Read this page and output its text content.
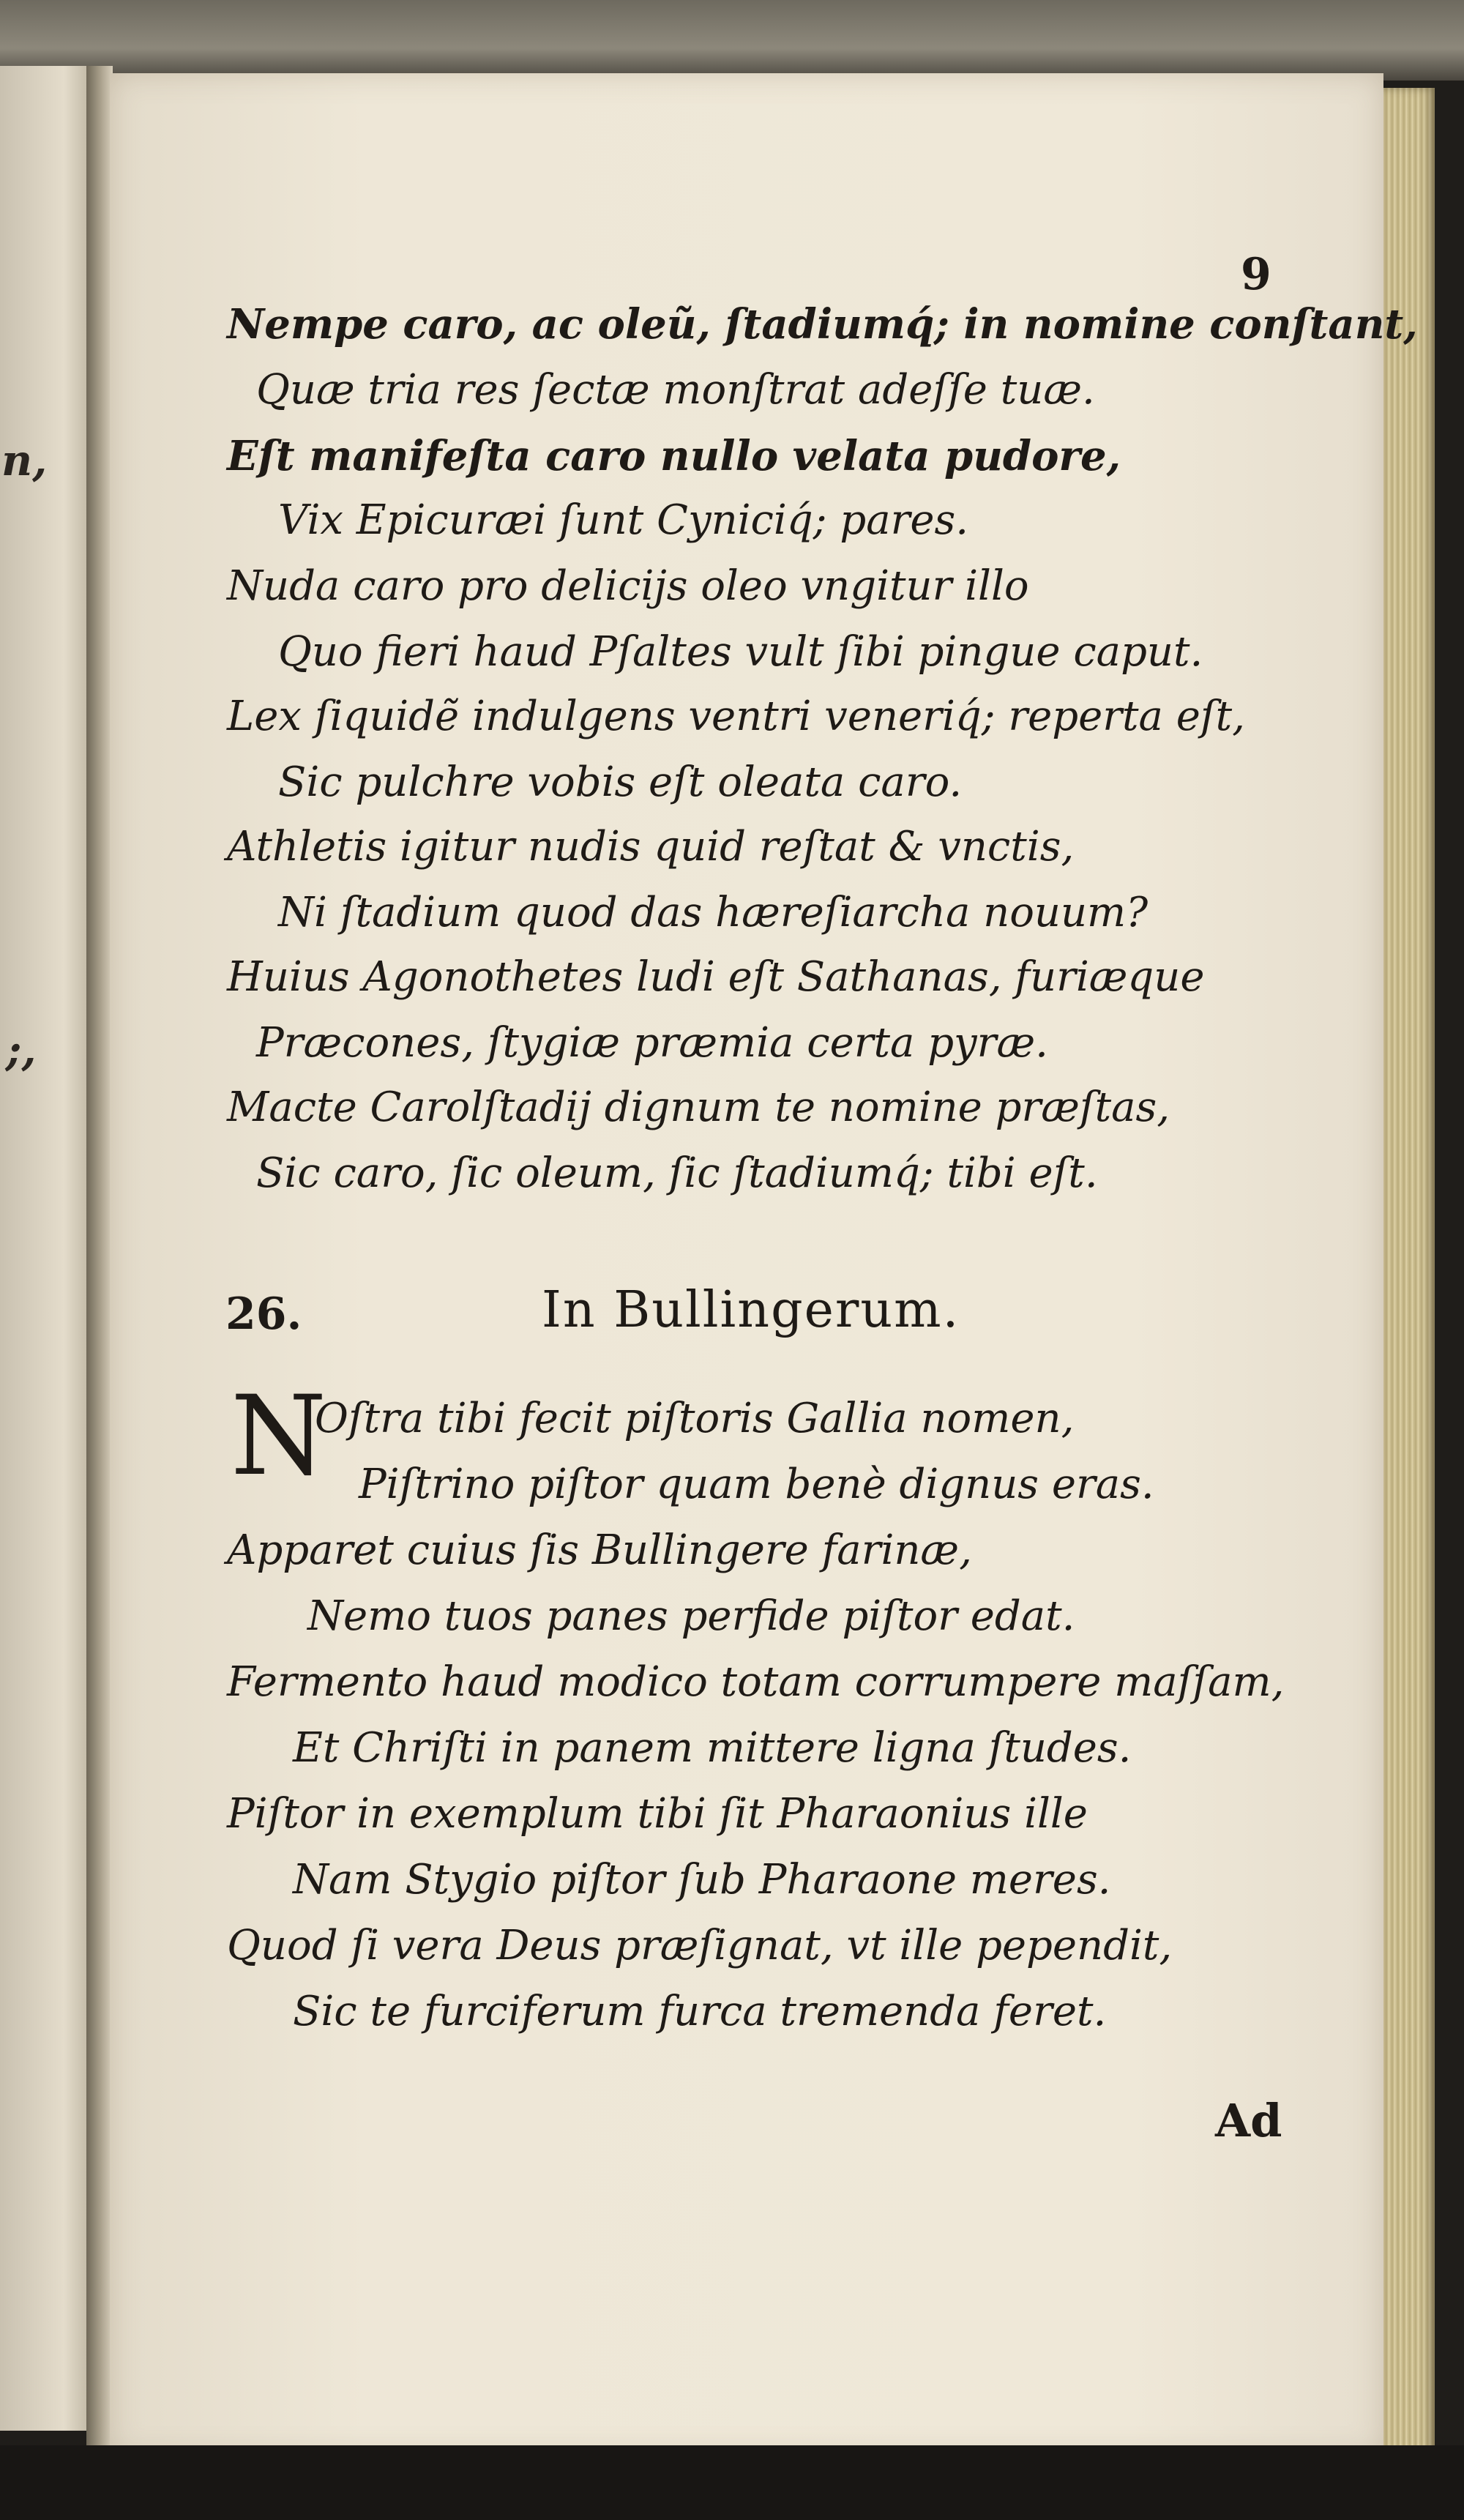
n,
;,
9
Nempe caro, ac oleũ, ſtadiumq́; in nomine conſtant,
Quæ tria res ſectæ monſtrat adeſſe tuæ.
Eſt manifeſta caro nullo velata pudore,
Vix Epicuræi ſunt Cyniciq́; pares.
Nuda caro pro delicijs oleo vngitur illo
Quo fieri haud Pſaltes vult ſibi pingue caput.
Lex ſiquidẽ indulgens ventri veneriq́; reperta eſt,
Sic pulchre vobis eſt oleata caro.
Athletis igitur nudis quid reſtat & vnctis,
Ni ſtadium quod das hæreſiarcha nouum?
Huius Agonothetes ludi eſt Sathanas, furiæque
Præcones, ſtygiæ præmia certa pyræ.
Macte Carolſtadij dignum te nomine præſtas,
Sic caro, ſic oleum, ſic ſtadiumq́; tibi eſt.
26.	In Bullingerum.
N
Oſtra tibi fecit piſtoris Gallia nomen,
Piſtrino piſtor quam benè dignus eras.
Apparet cuius ſis Bullingere farinæ,
Nemo tuos panes perfide piſtor edat.
Fermento haud modico totam corrumpere maſſam,
Et Chriſti in panem mittere ligna ſtudes.
Piſtor in exemplum tibi ſit Pharaonius ille
Nam Stygio piſtor ſub Pharaone meres.
Quod ſi vera Deus præſignat, vt ille pependit,
Sic te furciferum furca tremenda feret.
Ad
